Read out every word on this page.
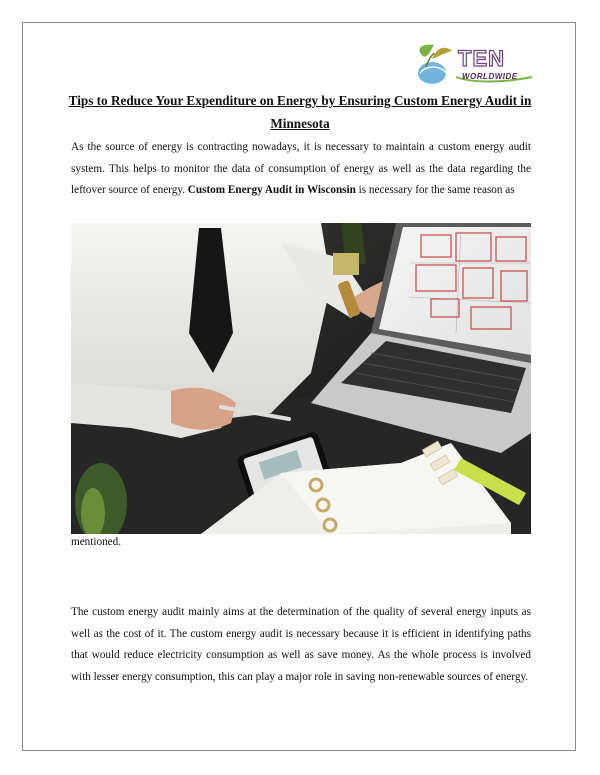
TEN
WORLDWIDE
Tips to Reduce Your Expenditure on Energy by Ensuring Custom Energy Audit in Minnesota

As the source of energy is contracting nowadays, it is necessary to maintain a custom energy audit system. This helps to monitor the data of consumption of energy as well as the data regarding the leftover source of energy. Custom Energy Audit in Wisconsin is necessary for the same reason as

mentioned.

The custom energy audit mainly aims at the determination of the quality of several energy inputs as well as the cost of it. The custom energy audit is necessary because it is efficient in identifying paths that would reduce electricity consumption as well as save money. As the whole process is involved with lesser energy consumption, this can play a major role in saving non-renewable sources of energy.
